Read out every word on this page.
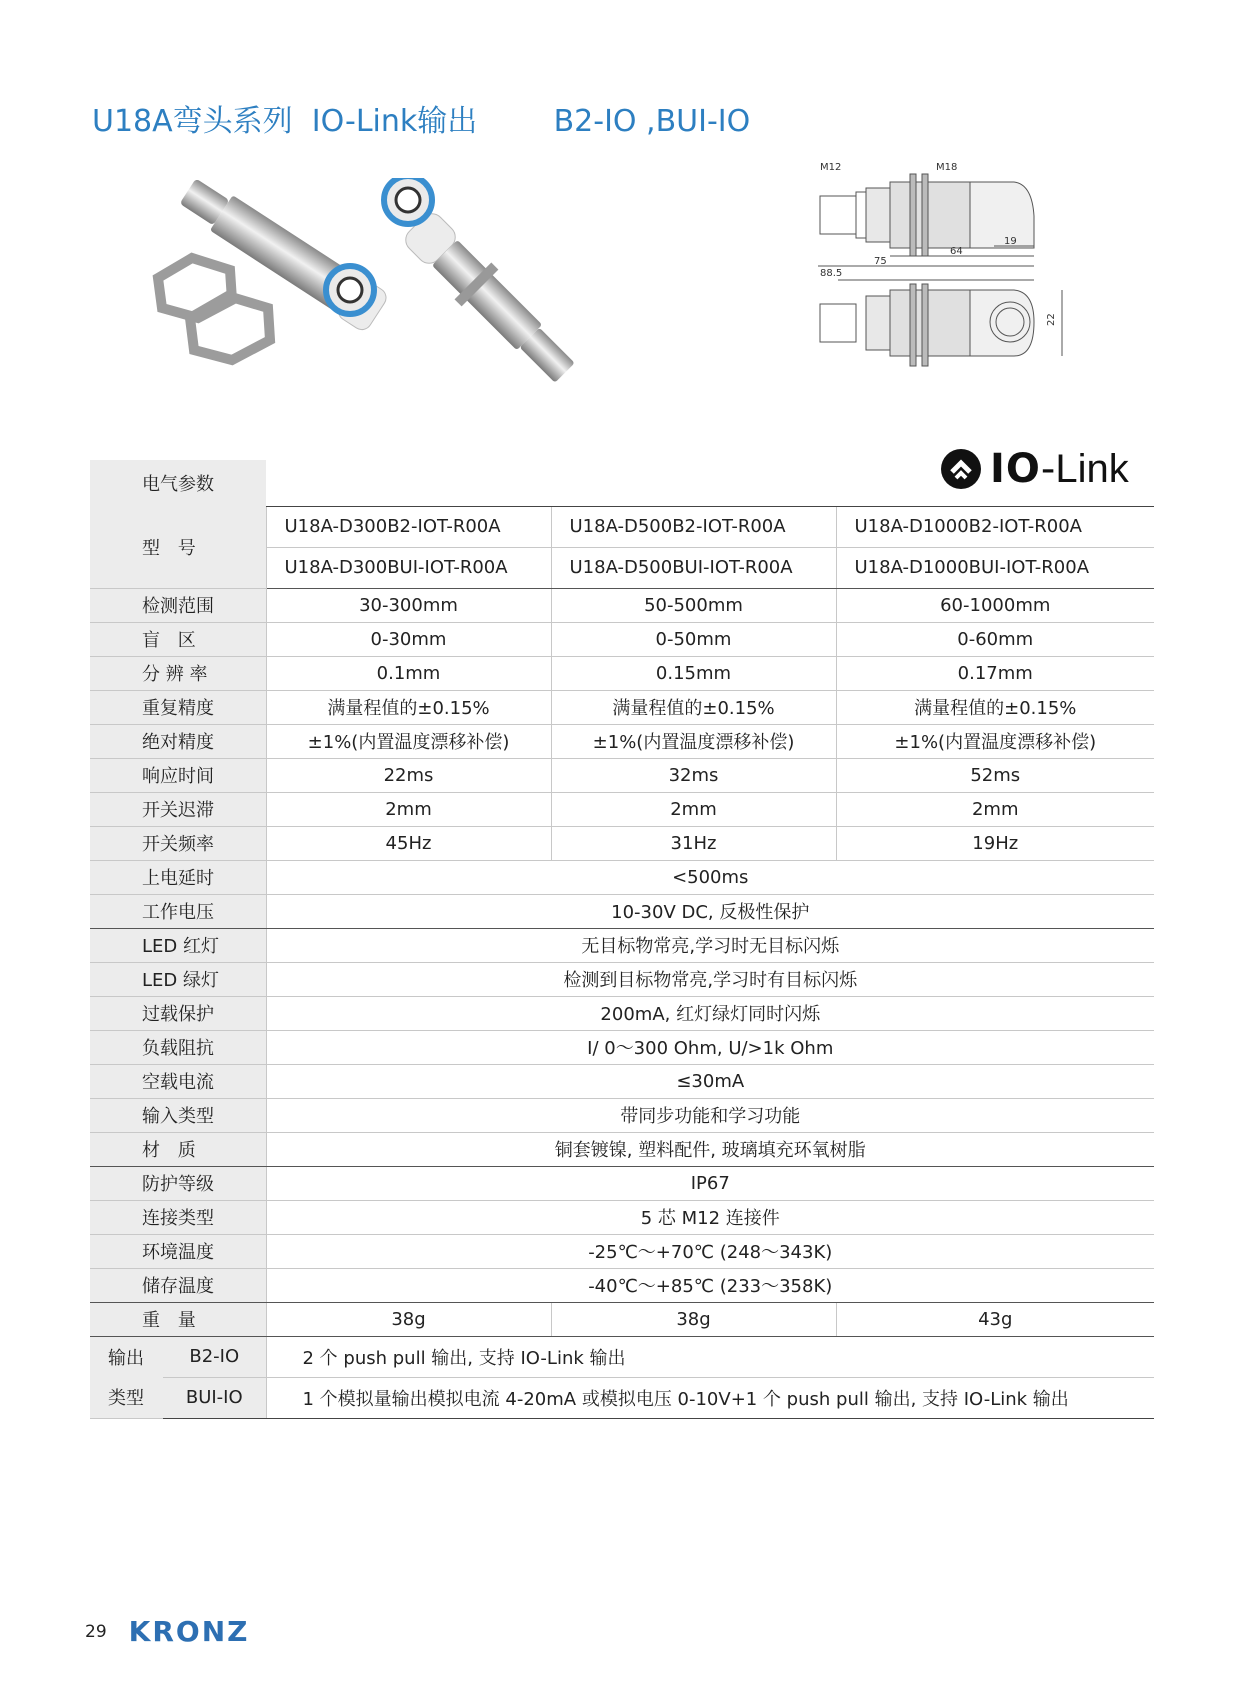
U18A弯头系列  IO-Link输出        B2-IO ,BUI-IO
M12	M18
19
64
75
88.5
22
IO - Link
电气参数				
型 号		U18A-D300B2-IOT-R00A	U18A-D500B2-IOT-R00A	U18A-D1000B2-IOT-R00A
		U18A-D300BUI-IOT-R00A	U18A-D500BUI-IOT-R00A	U18A-D1000BUI-IOT-R00A
检测范围		30-300mm	50-500mm	60-1000mm
盲 区		0-30mm	0-50mm	0-60mm
分 辨 率		0.1mm	0.15mm	0.17mm
重复精度		满量程值的±0.15%	满量程值的±0.15%	满量程值的±0.15%
绝对精度		±1%(内置温度漂移补偿)	±1%(内置温度漂移补偿)	±1%(内置温度漂移补偿)
响应时间		22ms	32ms	52ms
开关迟滞		2mm	2mm	2mm
开关频率		45Hz	31Hz	19Hz
上电延时		<500ms		
工作电压		10-30V DC, 反极性保护		
LED 红灯		无目标物常亮,学习时无目标闪烁		
LED 绿灯		检测到目标物常亮,学习时有目标闪烁		
过载保护		200mA, 红灯绿灯同时闪烁		
负载阻抗		I/ 0～300 Ohm, U/>1k Ohm		
空载电流		≤30mA		
输入类型		带同步功能和学习功能		
材 质		铜套镀镍, 塑料配件, 玻璃填充环氧树脂		
防护等级		IP67		
连接类型		5 芯 M12 连接件		
环境温度		-25℃～+70℃ (248～343K)		
储存温度		-40℃～+85℃ (233～358K)		
重 量		38g	38g	43g

输出
类型	B2-IO	2 个 push pull 输出, 支持 IO-Link 输出		
	BUI-IO	1 个模拟量输出模拟电流 4-20mA 或模拟电压 0-10V+1 个 push pull 输出, 支持 IO-Link 输出		
29 KRONZ
